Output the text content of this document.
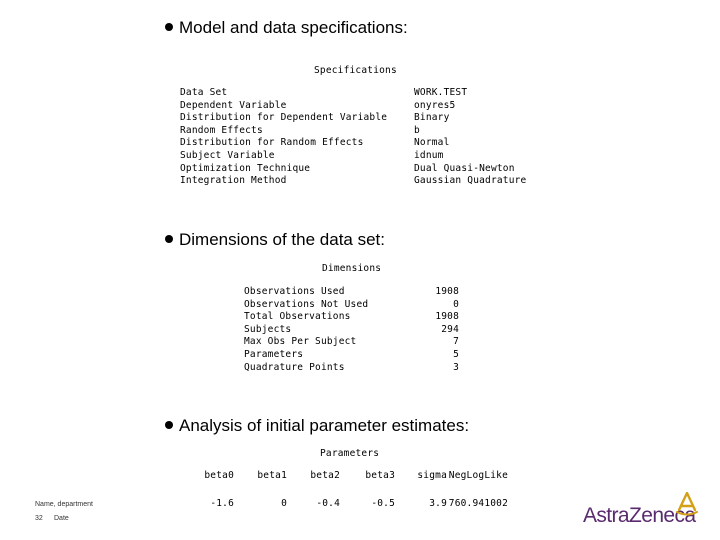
Model and data specifications:
Specifications
Data Set	WORK.TEST
Dependent Variable	onyres5
Distribution for Dependent Variable	Binary
Random Effects	b
Distribution for Random Effects	Normal
Subject Variable	idnum
Optimization Technique	Dual Quasi-Newton
Integration Method	Gaussian Quadrature
Dimensions of the data set:
Dimensions
Observations Used	1908
Observations Not Used	0
Total Observations	1908
Subjects	294
Max Obs Per Subject	7
Parameters	5
Quadrature Points	3
Analysis of initial parameter estimates:
Parameters
beta0 beta1 beta2	beta3 sigma NegLogLike
-1.6	0	-0.4	-0.5	3.9 760.941002
Name, department
32 Date	AstraZeneca
